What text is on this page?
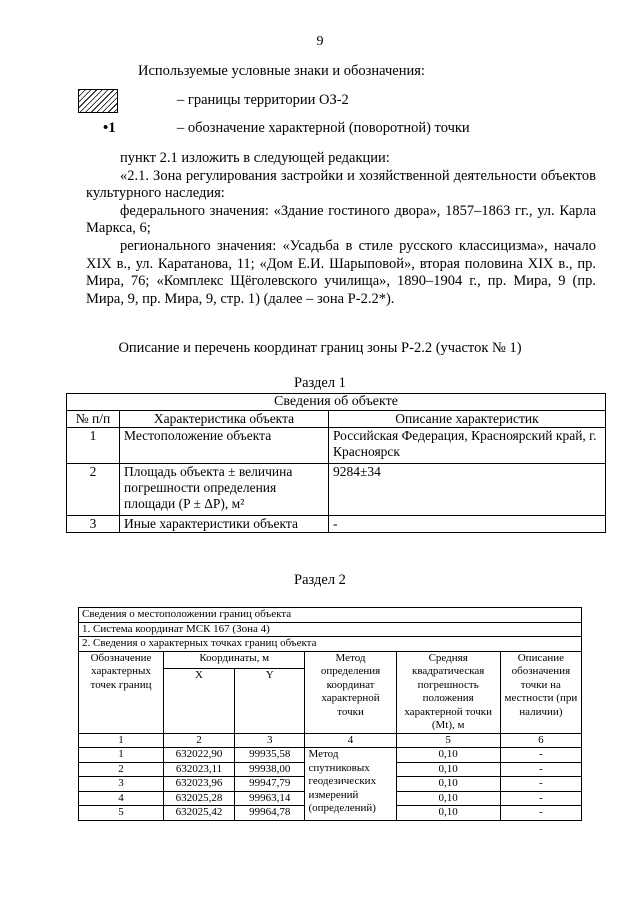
9
Используемые условные знаки и обозначения:
– границы территории ОЗ-2
•1	– обозначение характерной (поворотной) точки

пункт 2.1 изложить в следующей редакции:

«2.1. Зона регулирования застройки и хозяйственной деятельности объектов культурного наследия:

федерального значения: «Здание гостиного двора», 1857–1863 гг., ул. Карла Маркса, 6;

регионального значения: «Усадьба в стиле русского классицизма», начало XIX в., ул. Каратанова, 11; «Дом Е.И. Шарыповой», вторая половина XIX в., пр. Мира, 76; «Комплекс Щёголевского училища», 1890–1904 г., пр. Мира, 9 (пр. Мира, 9, пр. Мира, 9, стр. 1) (далее – зона Р-2.2*).

Описание и перечень координат границ зоны Р-2.2 (участок № 1)
Раздел 1
Сведения об объекте		
№ п/п	Характеристика объекта	Описание характеристик
1	Местоположение объекта	Российская Федерация, Красноярский край, г. Красноярск
2	Площадь объекта ± величина погрешности определения площади (P ± ΔP), м²	9284±34
3	Иные характеристики объекта	-
Раздел 2
Сведения о местоположении границ объекта					
1. Система координат МСК 167 (Зона 4)					
2. Сведения о характерных точках границ объекта					
Обозначение характерных точек границ	Координаты, м		Метод определения координат характерной точки	Средняя квадратическая погрешность положения характерной точки (Mt), м	Описание обозначения точки на местности (при наличии)
	X	Y			
1	2	3	4	5	6
1	632022,90	99935,58	Метод спутниковых геодезических измерений (определений)	0,10	-
2	632023,11	99938,00		0,10	-
3	632023,96	99947,79		0,10	-
4	632025,28	99963,14		0,10	-
5	632025,42	99964,78		0,10	-
